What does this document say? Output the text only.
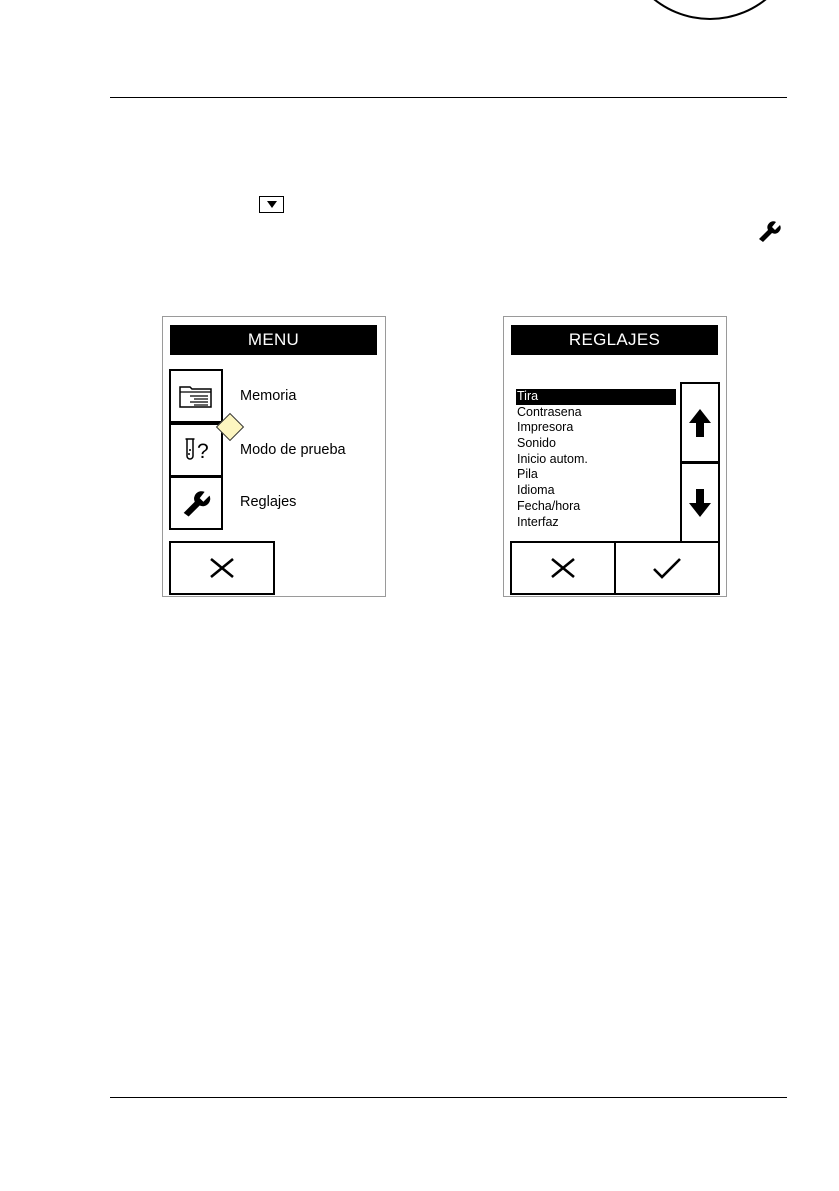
MENU
Memoria
? Modo de prueba
Reglajes
REGLAJES
Tira
Contrasena
Impresora
Sonido
Inicio autom.
Pila
Idioma
Fecha/hora
Interfaz
